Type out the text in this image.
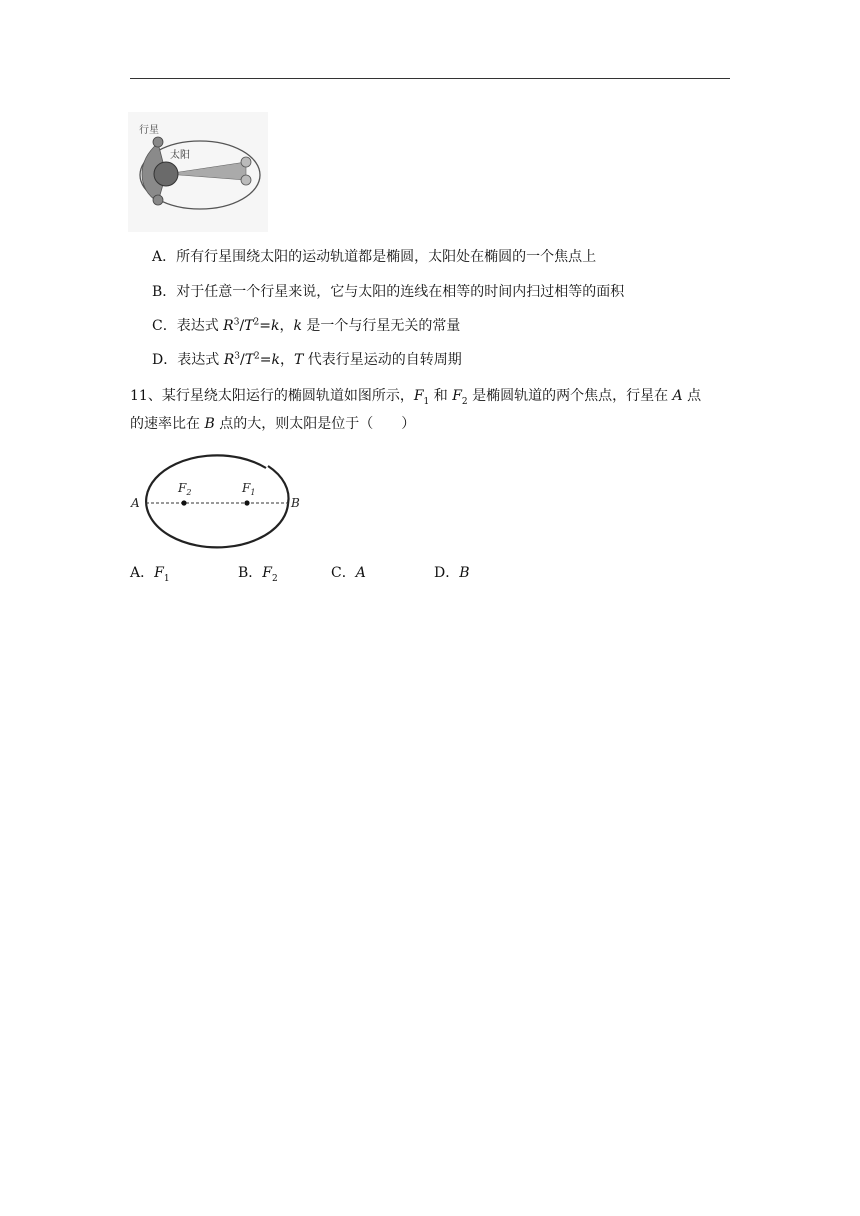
行星
太阳
A．所有行星围绕太阳的运动轨道都是椭圆，太阳处在椭圆的一个焦点上
B．对于任意一个行星来说，它与太阳的连线在相等的时间内扫过相等的面积
C．表达式 $R^3/T^2=k$，k 是一个与行星无关的常量
D．表达式 $R^3/T^2=k$，T 代表行星运动的自转周期
11、某行星绕太阳运行的椭圆轨道如图所示，$F_1$ 和 $F_2$ 是椭圆轨道的两个焦点，行星在 A 点
的速率比在 B 点的大，则太阳是位于（　　）
A	B
$F_2$	$F_1$
A．$F_1$	B．$F_2$	C．A	D．B
